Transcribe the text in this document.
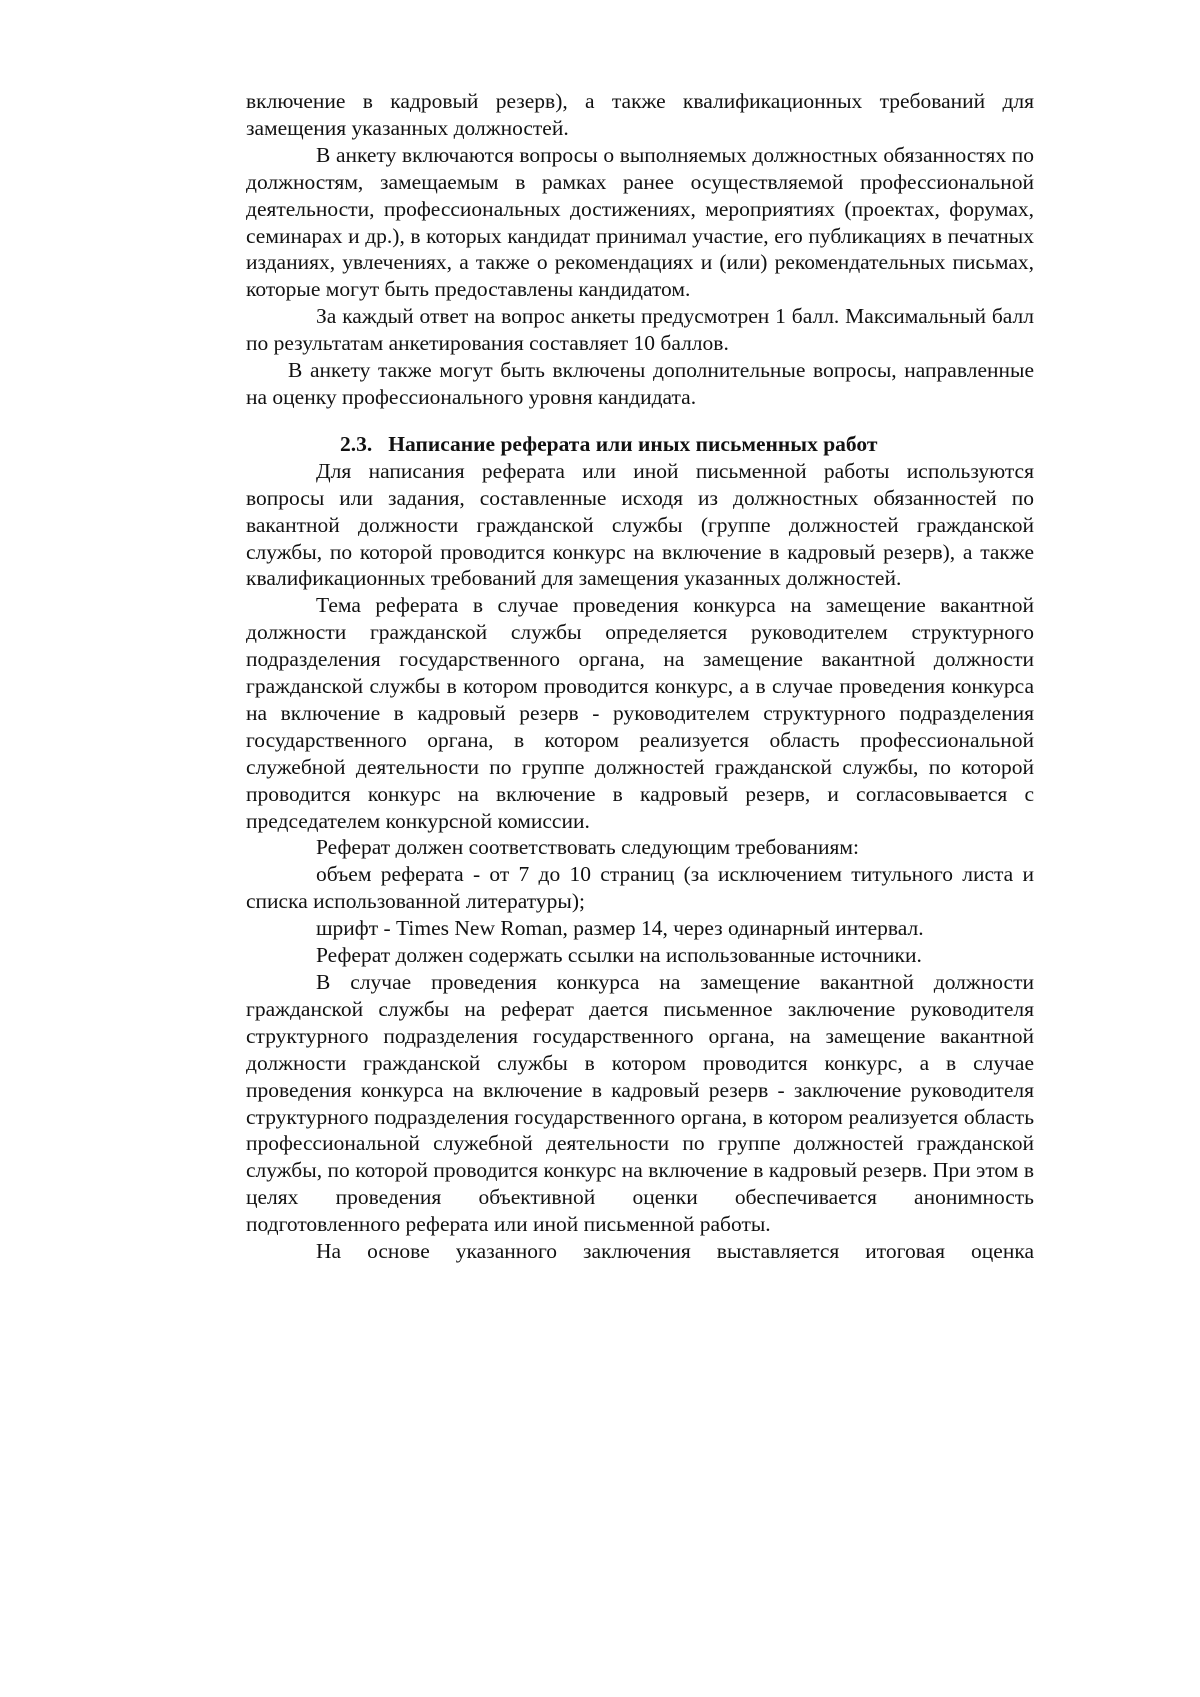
включение в кадровый резерв), а также квалификационных требований для замещения указанных должностей.

В анкету включаются вопросы о выполняемых должностных обязанностях по должностям, замещаемым в рамках ранее осуществляемой профессиональной деятельности, профессиональных достижениях, мероприятиях (проектах, форумах, семинарах и др.), в которых кандидат принимал участие, его публикациях в печатных изданиях, увлечениях, а также о рекомендациях и (или) рекомендательных письмах, которые могут быть предоставлены кандидатом.

За каждый ответ на вопрос анкеты предусмотрен 1 балл. Максимальный балл по результатам анкетирования составляет 10 баллов.

В анкету также могут быть включены дополнительные вопросы, направленные на оценку профессионального уровня кандидата.

2.3. Написание реферата или иных письменных работ

Для написания реферата или иной письменной работы используются вопросы или задания, составленные исходя из должностных обязанностей по вакантной должности гражданской службы (группе должностей гражданской службы, по которой проводится конкурс на включение в кадровый резерв), а также квалификационных требований для замещения указанных должностей.

Тема реферата в случае проведения конкурса на замещение вакантной должности гражданской службы определяется руководителем структурного подразделения государственного органа, на замещение вакантной должности гражданской службы в котором проводится конкурс, а в случае проведения конкурса на включение в кадровый резерв - руководителем структурного подразделения государственного органа, в котором реализуется область профессиональной служебной деятельности по группе должностей гражданской службы, по которой проводится конкурс на включение в кадровый резерв, и согласовывается с председателем конкурсной комиссии.

Реферат должен соответствовать следующим требованиям:

объем реферата - от 7 до 10 страниц (за исключением титульного листа и списка использованной литературы);

шрифт - Times New Roman, размер 14, через одинарный интервал.

Реферат должен содержать ссылки на использованные источники.

В случае проведения конкурса на замещение вакантной должности гражданской службы на реферат дается письменное заключение руководителя структурного подразделения государственного органа, на замещение вакантной должности гражданской службы в котором проводится конкурс, а в случае проведения конкурса на включение в кадровый резерв - заключение руководителя структурного подразделения государственного органа, в котором реализуется область профессиональной служебной деятельности по группе должностей гражданской службы, по которой проводится конкурс на включение в кадровый резерв. При этом в целях проведения объективной оценки обеспечивается анонимность подготовленного реферата или иной письменной работы.

На основе указанного заключения выставляется итоговая оценка
